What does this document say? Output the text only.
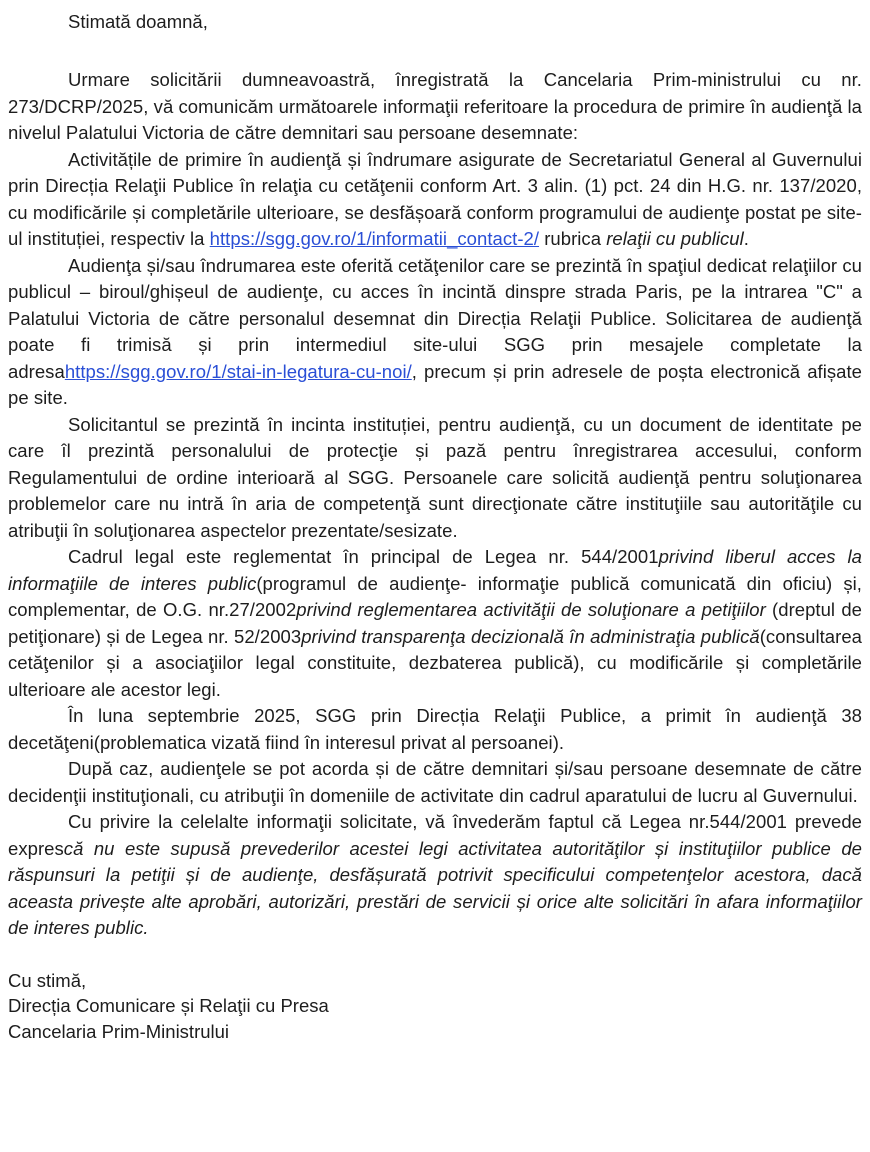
Stimată doamnă,

Urmare solicitării dumneavoastră, înregistrată la Cancelaria Prim-ministrului cu nr. 273/DCRP/2025, vă comunicăm următoarele informaţii referitoare la procedura de primire în audienţă la nivelul Palatului Victoria de către demnitari sau persoane desemnate:

Activitățile de primire în audienţă și îndrumare asigurate de Secretariatul General al Guvernului prin Direcția Relaţii Publice în relaţia cu cetăţenii conform Art. 3 alin. (1) pct. 24 din H.G. nr. 137/2020, cu modificările și completările ulterioare, se desfășoară conform programului de audienţe postat pe site-ul instituției, respectiv la https://sgg.gov.ro/1/informatii_contact-2/ rubrica relaţii cu publicul.

Audienţa și/sau îndrumarea este oferită cetăţenilor care se prezintă în spaţiul dedicat relaţiilor cu publicul – biroul/ghișeul de audienţe, cu acces în incintă dinspre strada Paris, pe la intrarea "C" a Palatului Victoria de către personalul desemnat din Direcția Relaţii Publice. Solicitarea de audienţă poate fi trimisă și prin intermediul site-ului SGG prin mesajele completate la adresahttps://sgg.gov.ro/1/stai-in-legatura-cu-noi/, precum și prin adresele de poșta electronică afișate pe site.

Solicitantul se prezintă în incinta instituției, pentru audienţă, cu un document de identitate pe care îl prezintă personalului de protecţie și pază pentru înregistrarea accesului, conform Regulamentului de ordine interioară al SGG. Persoanele care solicită audienţă pentru soluţionarea problemelor care nu intră în aria de competenţă sunt direcţionate către instituţiile sau autorităţile cu atribuţii în soluţionarea aspectelor prezentate/sesizate.

Cadrul legal este reglementat în principal de Legea nr. 544/2001privind liberul acces la informaţiile de interes public(programul de audienţe- informaţie publică comunicată din oficiu) și, complementar, de O.G. nr.27/2002privind reglementarea activităţii de soluţionare a petiţiilor (dreptul de petiţionare) și de Legea nr. 52/2003privind transparenţa decizională în administraţia publică(consultarea cetăţenilor și a asociaţiilor legal constituite, dezbaterea publică), cu modificările și completările ulterioare ale acestor legi.

În luna septembrie 2025, SGG prin Direcția Relaţii Publice, a primit în audienţă 38 decetăţeni(problematica vizată fiind în interesul privat al persoanei).

După caz, audienţele se pot acorda și de către demnitari și/sau persoane desemnate de către decidenţii instituţionali, cu atribuţii în domeniile de activitate din cadrul aparatului de lucru al Guvernului.

Cu privire la celelalte informaţii solicitate, vă învederăm faptul că Legea nr.544/2001 prevede exprescă nu este supusă prevederilor acestei legi activitatea autorităţilor și instituţiilor publice de răspunsuri la petiţii și de audienţe, desfășurată potrivit specificului competenţelor acestora, dacă aceasta privește alte aprobări, autorizări, prestări de servicii și orice alte solicitări în afara informaţiilor de interes public.

Cu stimă,
Direcția Comunicare și Relaţii cu Presa
Cancelaria Prim-Ministrului
